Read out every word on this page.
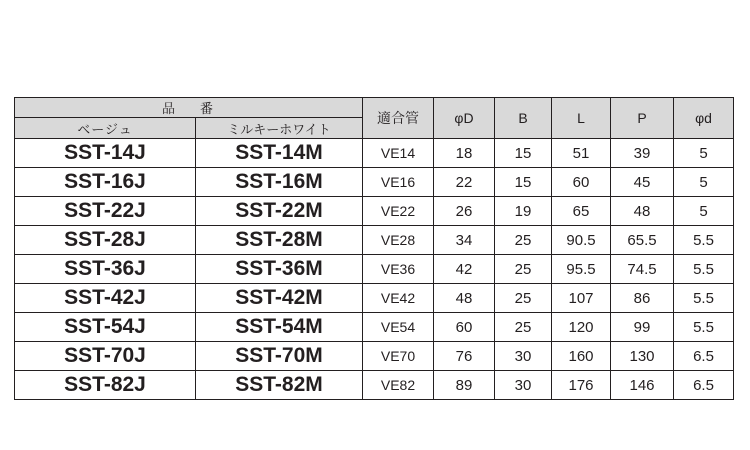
品　番		適合管	φD	B	L	P	φd
ベージュ	ミルキーホワイト						
SST-14J	SST-14M	VE14	18	15	51	39	5
SST-16J	SST-16M	VE16	22	15	60	45	5
SST-22J	SST-22M	VE22	26	19	65	48	5
SST-28J	SST-28M	VE28	34	25	90.5	65.5	5.5
SST-36J	SST-36M	VE36	42	25	95.5	74.5	5.5
SST-42J	SST-42M	VE42	48	25	107	86	5.5
SST-54J	SST-54M	VE54	60	25	120	99	5.5
SST-70J	SST-70M	VE70	76	30	160	130	6.5
SST-82J	SST-82M	VE82	89	30	176	146	6.5
